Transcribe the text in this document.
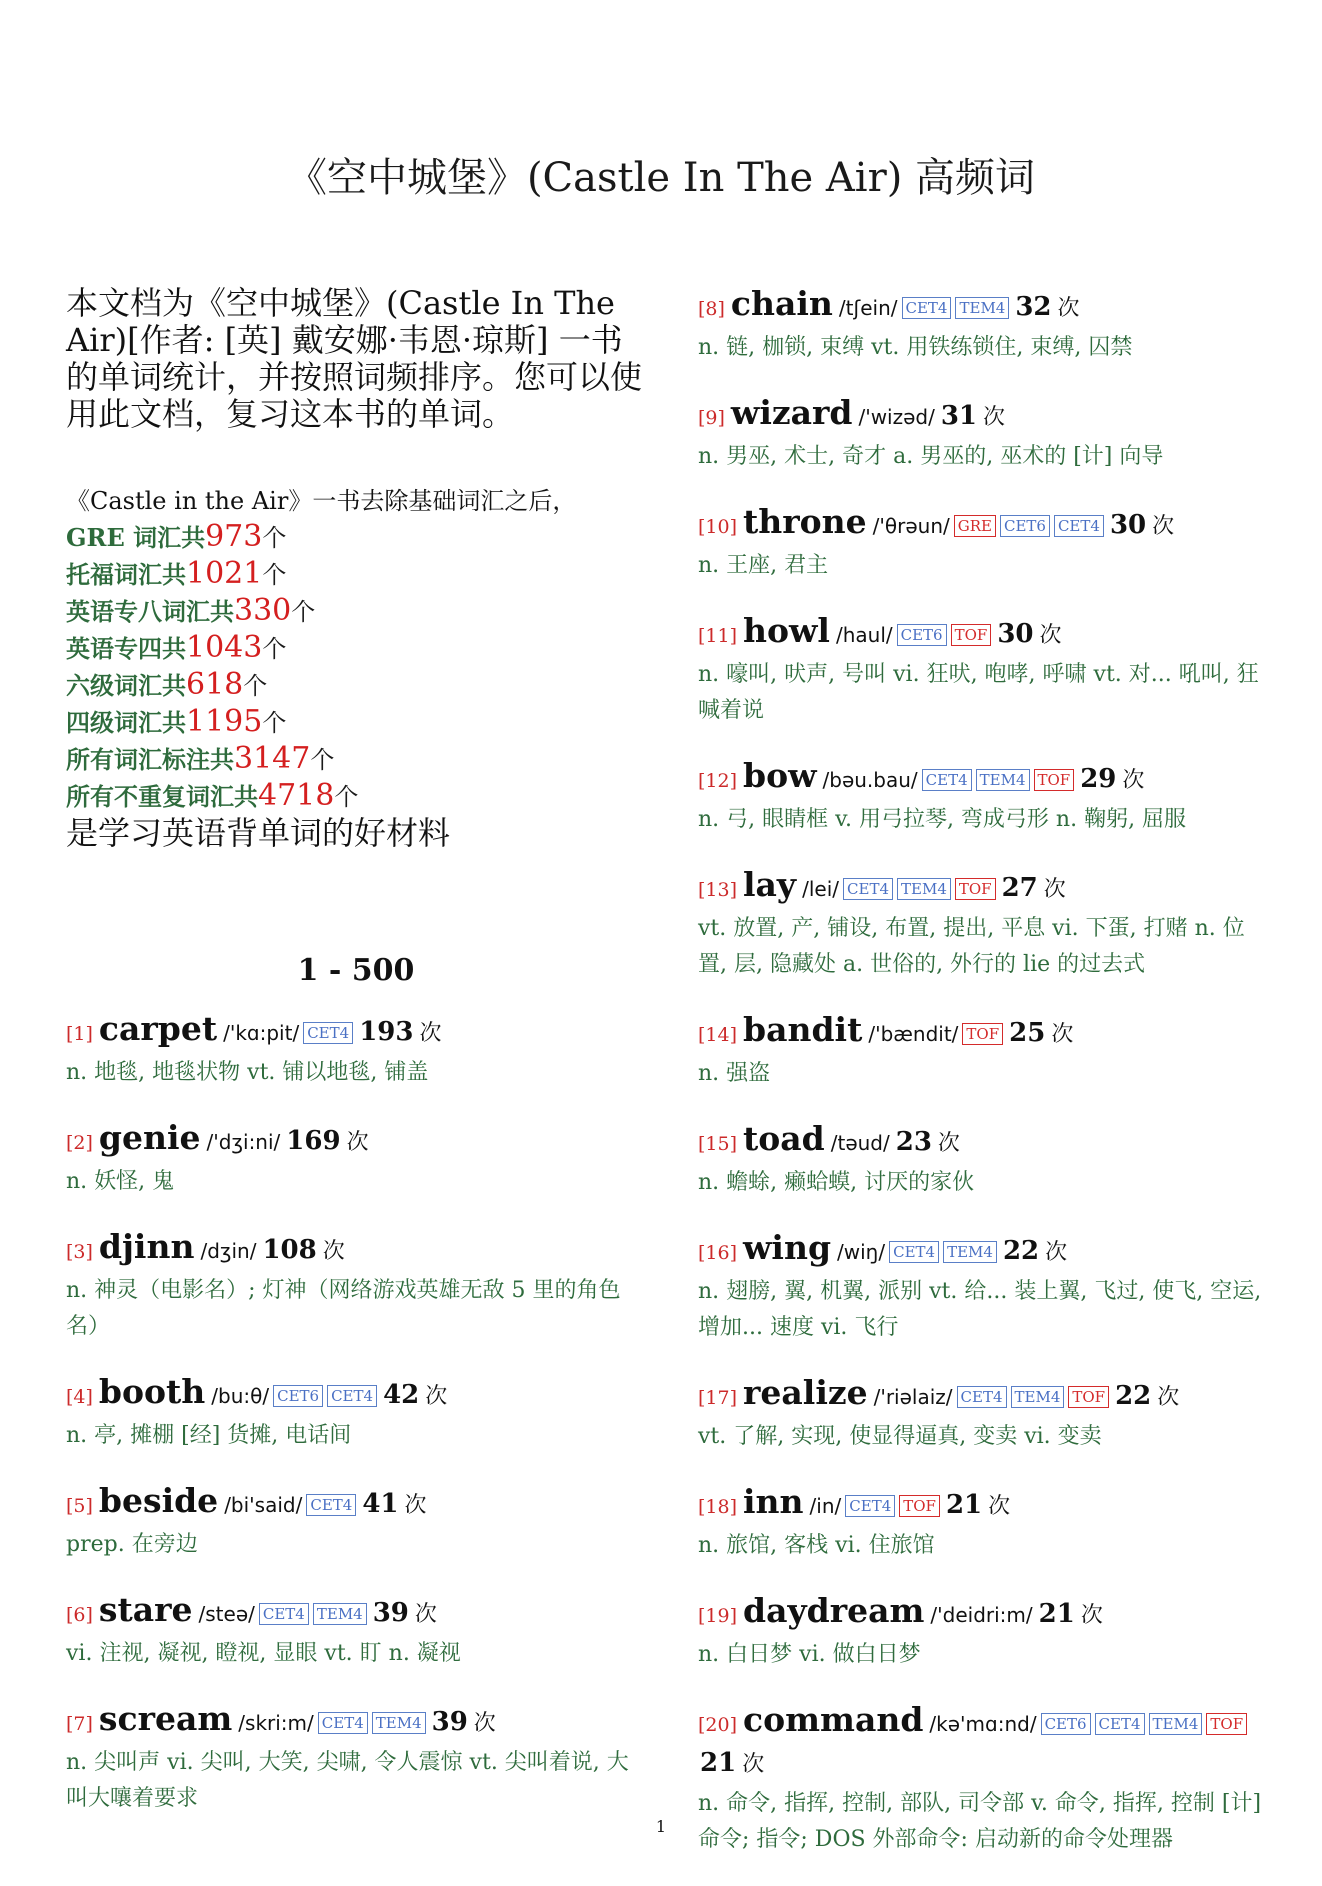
《空中城堡》(Castle In The Air) 高频词

本文档为《空中城堡》(Castle In The Air)[作者: [英] 戴安娜·韦恩·琼斯] 一书的单词统计，并按照词频排序。您可以使用此文档，复习这本书的单词。

《Castle in the Air》一书去除基础词汇之后，

GRE 词汇共973个
托福词汇共1021个
英语专八词汇共330个
英语专四共1043个
六级词汇共618个
四级词汇共1195个
所有词汇标注共3147个
所有不重复词汇共4718个

是学习英语背单词的好材料

1 - 500
[1] carpet /'kɑ:pit/ CET4 193 次
n. 地毯, 地毯状物 vt. 铺以地毯, 铺盖
[2] genie /'dʒi:ni/ 169 次
n. 妖怪, 鬼
[3] djinn /dʒin/ 108 次
n. 神灵（电影名）; 灯神（网络游戏英雄无敌 5 里的角色名）
[4] booth /bu:θ/ CET6 CET4 42 次
n. 亭, 摊棚 [经] 货摊, 电话间
[5] beside /bi'said/ CET4 41 次
prep. 在旁边
[6] stare /steə/ CET4 TEM4 39 次
vi. 注视, 凝视, 瞪视, 显眼 vt. 盯 n. 凝视
[7] scream /skri:m/ CET4 TEM4 39 次
n. 尖叫声 vi. 尖叫, 大笑, 尖啸, 令人震惊 vt. 尖叫着说, 大叫大嚷着要求
[8] chain /tʃein/ CET4 TEM4 32 次
n. 链, 枷锁, 束缚 vt. 用铁练锁住, 束缚, 囚禁
[9] wizard /'wizəd/ 31 次
n. 男巫, 术士, 奇才 a. 男巫的, 巫术的 [计] 向导
[10] throne /'θrəun/ GRE CET6 CET4 30 次
n. 王座, 君主
[11] howl /haul/ CET6 TOF 30 次
n. 嚎叫, 吠声, 号叫 vi. 狂吠, 咆哮, 呼啸 vt. 对... 吼叫, 狂喊着说
[12] bow /bəu.bau/ CET4 TEM4 TOF 29 次
n. 弓, 眼睛框 v. 用弓拉琴, 弯成弓形 n. 鞠躬, 屈服
[13] lay /lei/ CET4 TEM4 TOF 27 次
vt. 放置, 产, 铺设, 布置, 提出, 平息 vi. 下蛋, 打赌 n. 位置, 层, 隐藏处 a. 世俗的, 外行的 lie 的过去式
[14] bandit /'bændit/ TOF 25 次
n. 强盗
[15] toad /təud/ 23 次
n. 蟾蜍, 癞蛤蟆, 讨厌的家伙
[16] wing /wiŋ/ CET4 TEM4 22 次
n. 翅膀, 翼, 机翼, 派别 vt. 给... 装上翼, 飞过, 使飞, 空运, 增加... 速度 vi. 飞行
[17] realize /'riəlaiz/ CET4 TEM4 TOF 22 次
vt. 了解, 实现, 使显得逼真, 变卖 vi. 变卖
[18] inn /in/ CET4 TOF 21 次
n. 旅馆, 客栈 vi. 住旅馆
[19] daydream /'deidri:m/ 21 次
n. 白日梦 vi. 做白日梦
[20] command /kə'mɑ:nd/ CET6 CET4 TEM4 TOF
21 次
n. 命令, 指挥, 控制, 部队, 司令部 v. 命令, 指挥, 控制 [计] 命令; 指令; DOS 外部命令: 启动新的命令处理器
1
